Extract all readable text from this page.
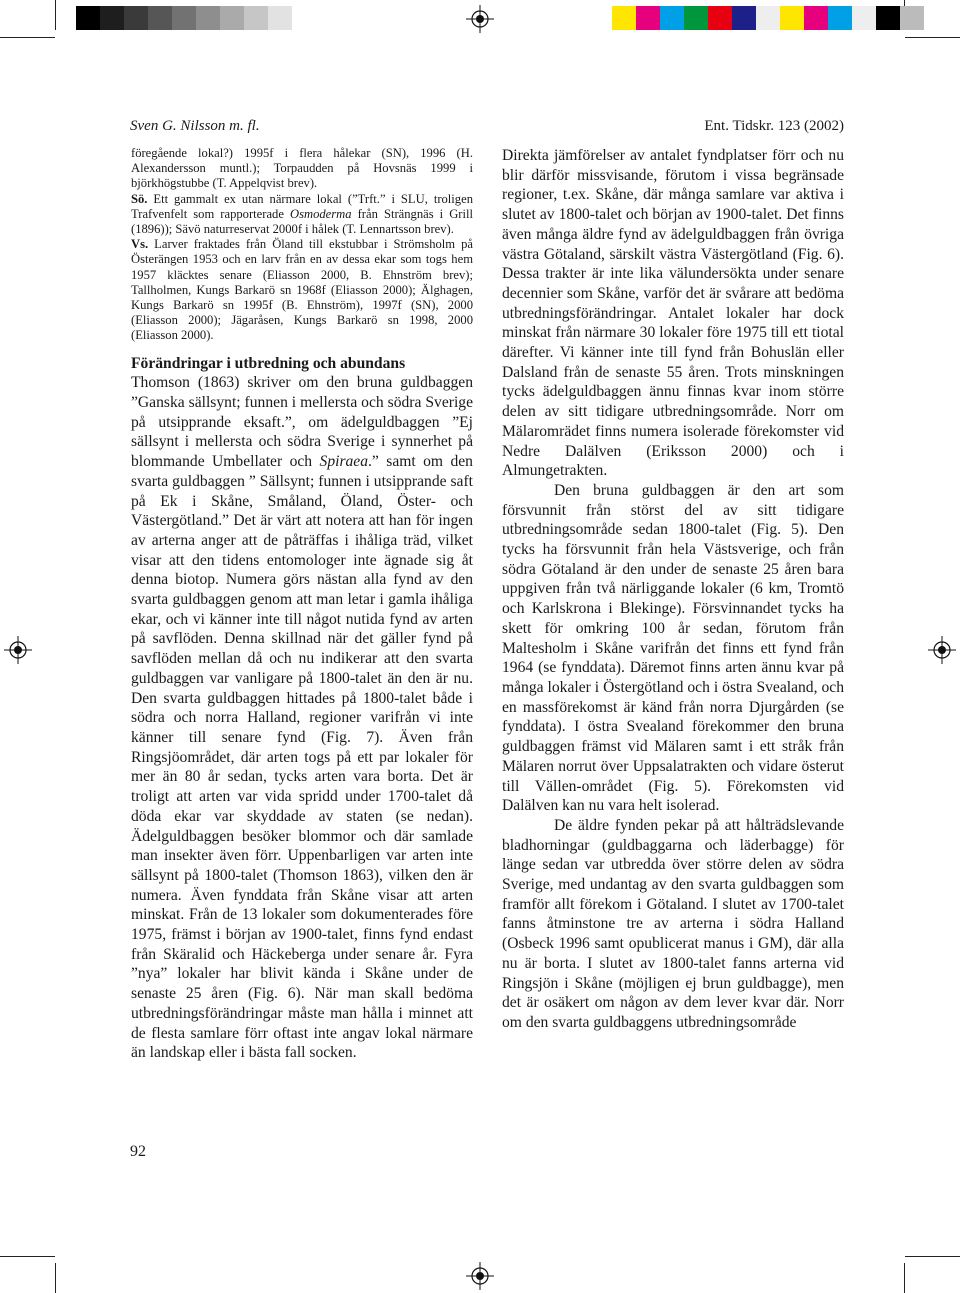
Sven G. Nilsson m. fl.	Ent. Tidskr. 123 (2002)

föregående lokal?) 1995f i flera hålekar (SN), 1996 (H. Alexandersson muntl.); Torpaudden på Hovsnäs 1999 i björkhögstubbe (T. Appelqvist brev).

Sö. Ett gammalt ex utan närmare lokal (”Trft.” i SLU, troligen Trafvenfelt som rapporterade Osmoderma från Strängnäs i Grill (1896)); Sävö naturreservat 2000f i hålek (T. Lennartsson brev).

Vs. Larver fraktades från Öland till ekstubbar i Strömsholm på Österängen 1953 och en larv från en av dessa ekar som togs hem 1957 kläcktes senare (Eliasson 2000, B. Ehnström brev); Tallholmen, Kungs Barkarö sn 1968f (Eliasson 2000); Älghagen, Kungs Barkarö sn 1995f (B. Ehnström), 1997f (SN), 2000 (Eliasson 2000); Jägaråsen, Kungs Barkarö sn 1998, 2000 (Eliasson 2000).

Förändringar i utbredning och abundans

Thomson (1863) skriver om den bruna guldbaggen ”Ganska sällsynt; funnen i mellersta och södra Sverige på utsipprande eksaft.”, om ädelguldbaggen ”Ej sällsynt i mellersta och södra Sverige i synnerhet på blommande Umbellater och Spiraea.” samt om den svarta guldbaggen ” Sällsynt; funnen i utsipprande saft på Ek i Skåne, Småland, Öland, Öster- och Västergötland.” Det är värt att notera att han för ingen av arterna anger att de påträffas i ihåliga träd, vilket visar att den tidens entomologer inte ägnade sig åt denna biotop. Numera görs nästan alla fynd av den svarta guldbaggen genom att man letar i gamla ihåliga ekar, och vi känner inte till något nutida fynd av arten på savflöden. Denna skillnad när det gäller fynd på savflöden mellan då och nu indikerar att den svarta guldbaggen var vanligare på 1800-talet än den är nu. Den svarta guldbaggen hittades på 1800-talet både i södra och norra Halland, regioner varifrån vi inte känner till senare fynd (Fig. 7). Även från Ringsjöområdet, där arten togs på ett par lokaler för mer än 80 år sedan, tycks arten vara borta. Det är troligt att arten var vida spridd under 1700-talet då döda ekar var skyddade av staten (se nedan). Ädelguldbaggen besöker blommor och där samlade man insekter även förr. Uppenbarligen var arten inte sällsynt på 1800-talet (Thomson 1863), vilken den är numera. Även fynddata från Skåne visar att arten minskat. Från de 13 lokaler som dokumenterades före 1975, främst i början av 1900-talet, finns fynd endast från Skäralid och Häckeberga under senare år. Fyra ”nya” lokaler har blivit kända i Skåne under de senaste 25 åren (Fig. 6). När man skall bedöma utbredningsförändringar måste man hålla i minnet att de flesta samlare förr oftast inte angav lokal närmare än landskap eller i bästa fall socken.

Direkta jämförelser av antalet fyndplatser förr och nu blir därför missvisande, förutom i vissa begränsade regioner, t.ex. Skåne, där många samlare var aktiva i slutet av 1800-talet och början av 1900-talet. Det finns även många äldre fynd av ädelguldbaggen från övriga västra Götaland, särskilt västra Västergötland (Fig. 6). Dessa trakter är inte lika välundersökta under senare decennier som Skåne, varför det är svårare att bedöma utbredningsförändringar. Antalet lokaler har dock minskat från närmare 30 lokaler före 1975 till ett tiotal därefter. Vi känner inte till fynd från Bohuslän eller Dalsland från de senaste 55 åren. Trots minskningen tycks ädelguldbaggen ännu finnas kvar inom större delen av sitt tidigare utbredningsområde. Norr om Mälaromrädet finns numera isolerade förekomster vid Nedre Dalälven (Eriksson 2000) och i Almungetrakten.

Den bruna guldbaggen är den art som försvunnit från störst del av sitt tidigare utbredningsområde sedan 1800-talet (Fig. 5). Den tycks ha försvunnit från hela Västsverige, och från södra Götaland är den under de senaste 25 åren bara uppgiven från två närliggande lokaler (6 km, Tromtö och Karlskrona i Blekinge). Försvinnandet tycks ha skett för omkring 100 år sedan, förutom från Maltesholm i Skåne varifrån det finns ett fynd från 1964 (se fynddata). Däremot finns arten ännu kvar på många lokaler i Östergötland och i östra Svealand, och en massförekomst är känd från norra Djurgården (se fynddata). I östra Svealand förekommer den bruna guldbaggen främst vid Mälaren samt i ett stråk från Mälaren norrut över Uppsalatrakten och vidare österut till Vällen-området (Fig. 5). Förekomsten vid Dalälven kan nu vara helt isolerad.

De äldre fynden pekar på att hålträdslevande bladhorningar (guldbaggarna och läderbagge) för länge sedan var utbredda över större delen av södra Sverige, med undantag av den svarta guldbaggen som framför allt förekom i Götaland. I slutet av 1700-talet fanns åtminstone tre av arterna i södra Halland (Osbeck 1996 samt opublicerat manus i GM), där alla nu är borta. I slutet av 1800-talet fanns arterna vid Ringsjön i Skåne (möjligen ej brun guldbagge), men det är osäkert om någon av dem lever kvar där. Norr om den svarta guldbaggens utbredningsområde

92
